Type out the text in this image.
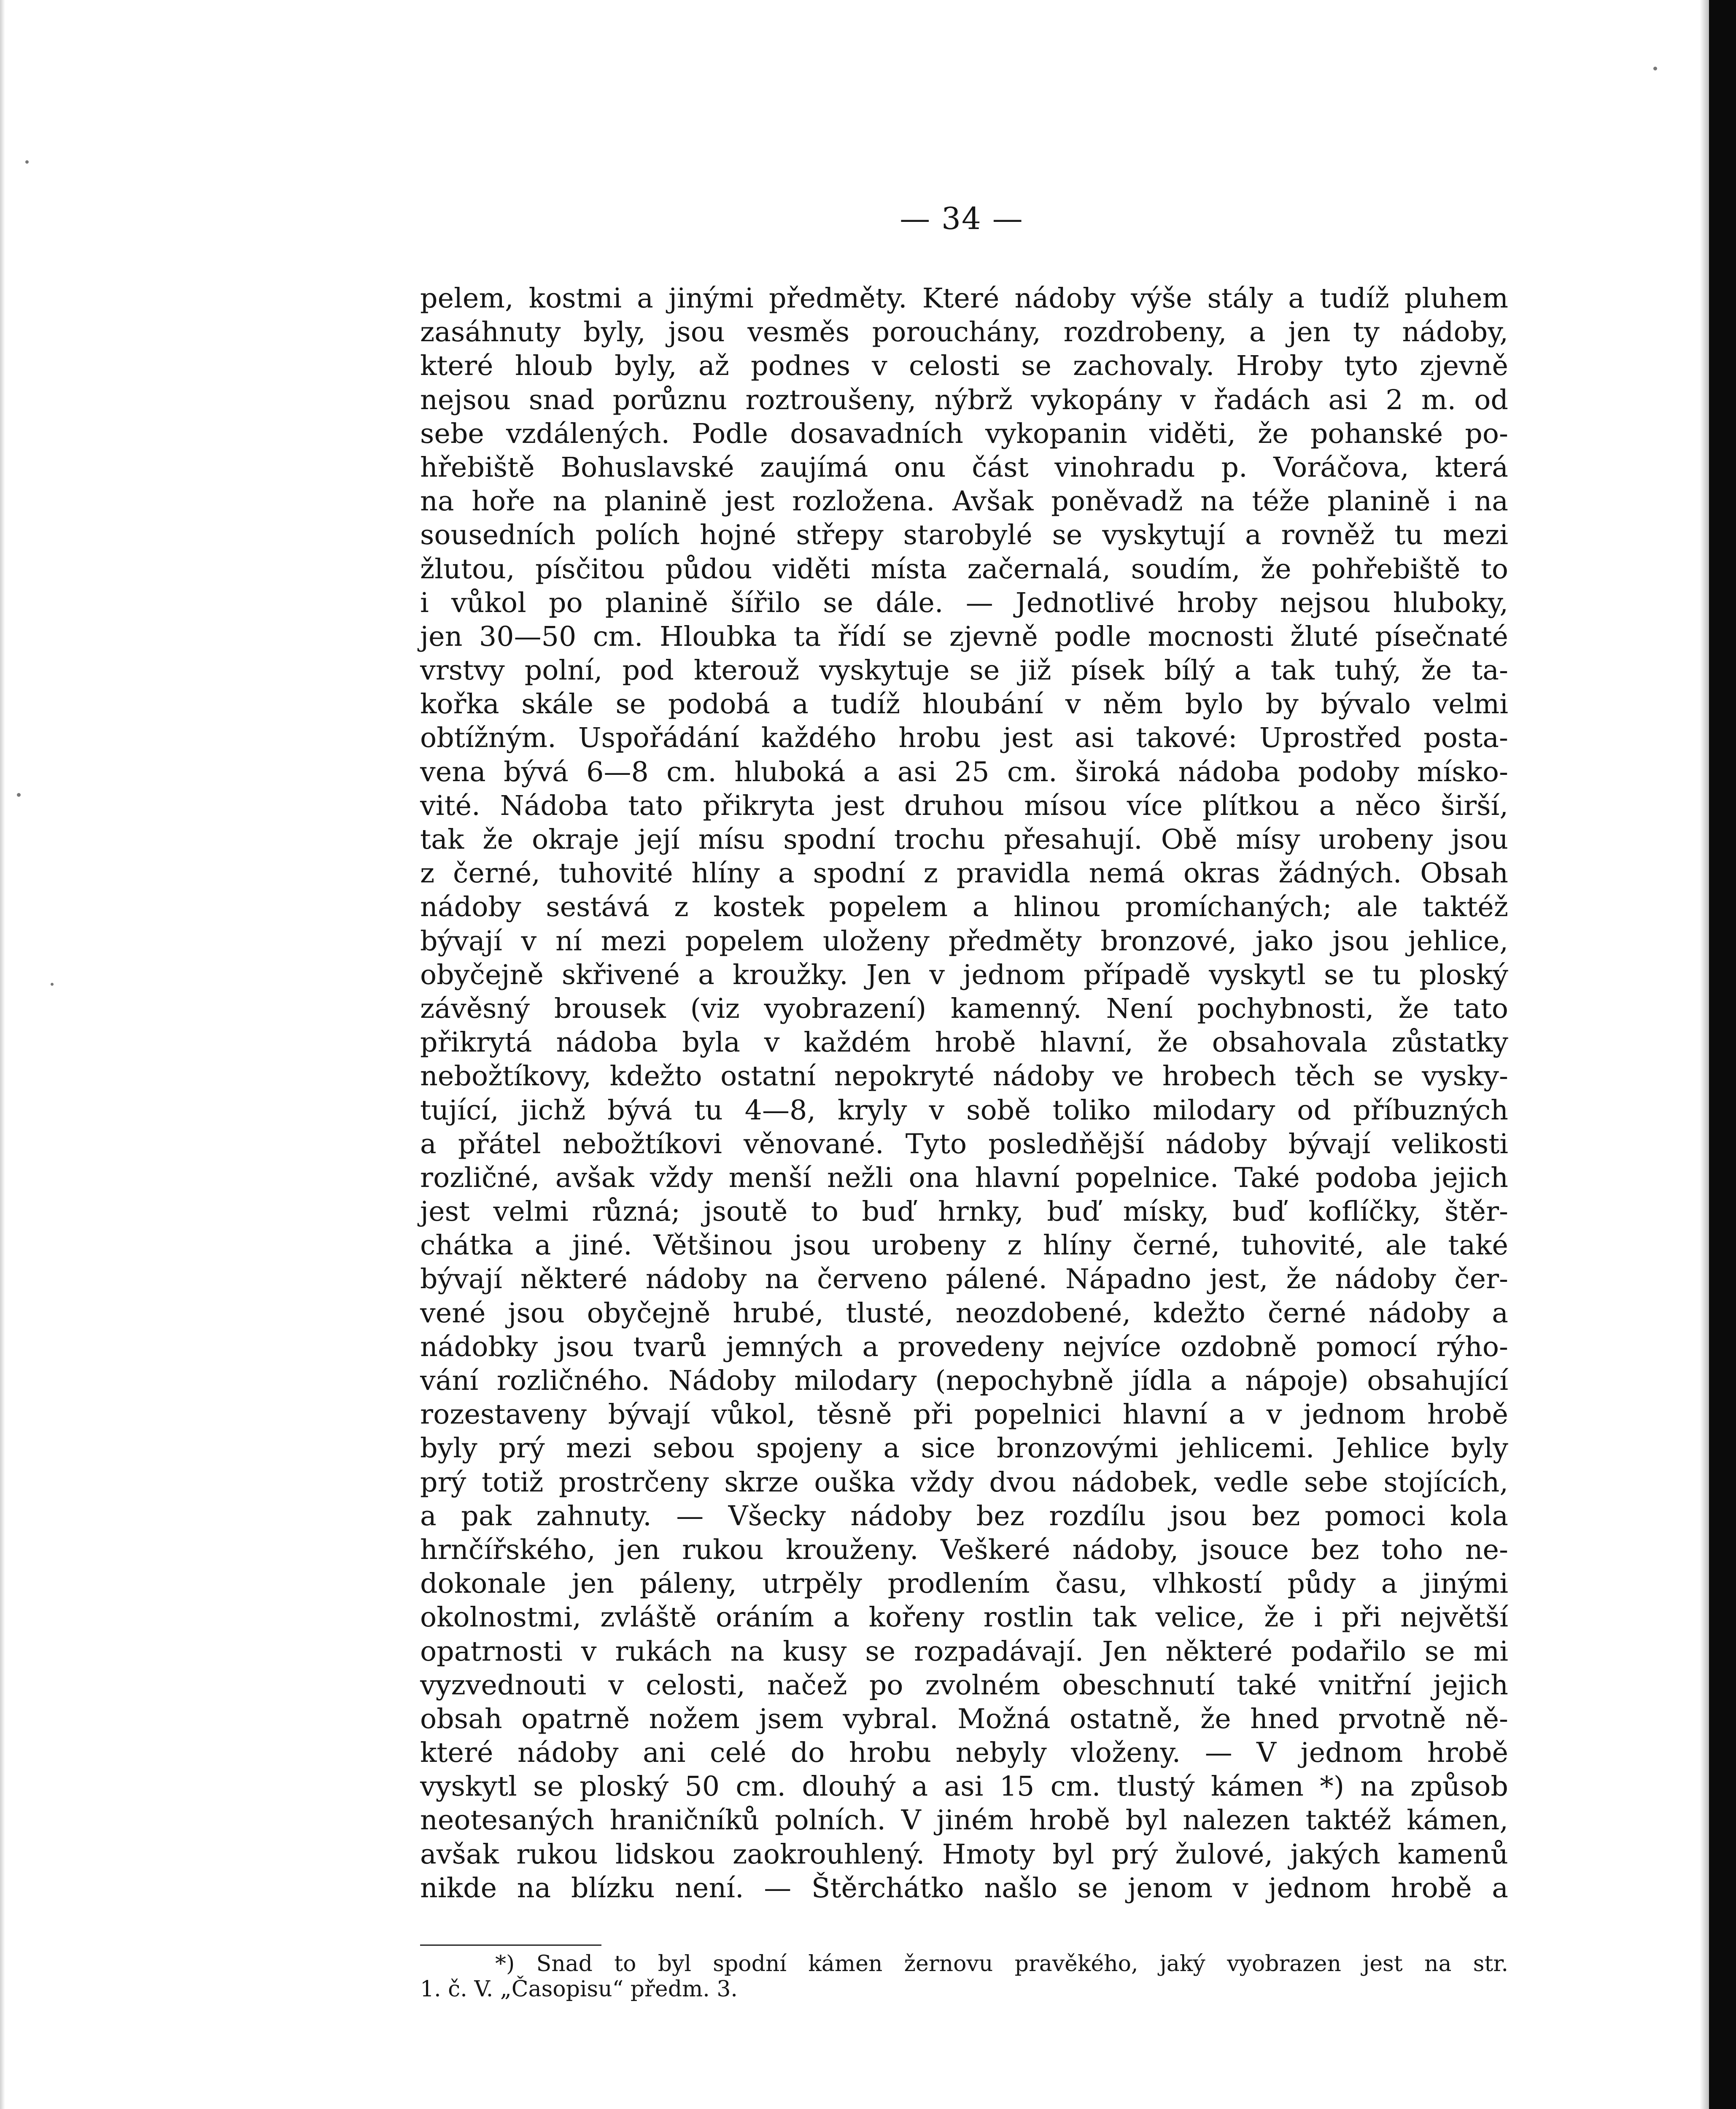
— 34 —
pelem, kostmi a jinými předměty. Které nádoby výše stály a tudíž pluhem
zasáhnuty byly, jsou vesměs porouchány, rozdrobeny, a jen ty nádoby,
které hloub byly, až podnes v celosti se zachovaly. Hroby tyto zjevně
nejsou snad porůznu roztroušeny, nýbrž vykopány v řadách asi 2 m. od
sebe vzdálených. Podle dosavadních vykopanin viděti, že pohanské po-
hřebiště Bohuslavské zaujímá onu část vinohradu p. Voráčova, která
na hoře na planině jest rozložena. Avšak poněvadž na téže planině i na
sousedních polích hojné střepy starobylé se vyskytují a rovněž tu mezi
žlutou, písčitou půdou viděti místa začernalá, soudím, že pohřebiště to
i vůkol po planině šířilo se dále. — Jednotlivé hroby nejsou hluboky,
jen 30—50 cm. Hloubka ta řídí se zjevně podle mocnosti žluté písečnaté
vrstvy polní, pod kterouž vyskytuje se již písek bílý a tak tuhý, že ta-
kořka skále se podobá a tudíž hloubání v něm bylo by bývalo velmi
obtížným. Uspořádání každého hrobu jest asi takové: Uprostřed posta-
vena bývá 6—8 cm. hluboká a asi 25 cm. široká nádoba podoby mísko-
vité. Nádoba tato přikryta jest druhou mísou více plítkou a něco širší,
tak že okraje její mísu spodní trochu přesahují. Obě mísy urobeny jsou
z černé, tuhovité hlíny a spodní z pravidla nemá okras žádných. Obsah
nádoby sestává z kostek popelem a hlinou promíchaných; ale taktéž
bývají v ní mezi popelem uloženy předměty bronzové, jako jsou jehlice,
obyčejně skřivené a kroužky. Jen v jednom případě vyskytl se tu ploský
závěsný brousek (viz vyobrazení) kamenný. Není pochybnosti, že tato
přikrytá nádoba byla v každém hrobě hlavní, že obsahovala zůstatky
nebožtíkovy, kdežto ostatní nepokryté nádoby ve hrobech těch se vysky-
tující, jichž bývá tu 4—8, kryly v sobě toliko milodary od příbuzných
a přátel nebožtíkovi věnované. Tyto posledňější nádoby bývají velikosti
rozličné, avšak vždy menší nežli ona hlavní popelnice. Také podoba jejich
jest velmi různá; jsoutě to buď hrnky, buď mísky, buď koflíčky, štěr-
chátka a jiné. Většinou jsou urobeny z hlíny černé, tuhovité, ale také
bývají některé nádoby na červeno pálené. Nápadno jest, že nádoby čer-
vené jsou obyčejně hrubé, tlusté, neozdobené, kdežto černé nádoby a
nádobky jsou tvarů jemných a provedeny nejvíce ozdobně pomocí rýho-
vání rozličného. Nádoby milodary (nepochybně jídla a nápoje) obsahující
rozestaveny bývají vůkol, těsně při popelnici hlavní a v jednom hrobě
byly prý mezi sebou spojeny a sice bronzovými jehlicemi. Jehlice byly
prý totiž prostrčeny skrze ouška vždy dvou nádobek, vedle sebe stojících,
a pak zahnuty. — Všecky nádoby bez rozdílu jsou bez pomoci kola
hrnčířského, jen rukou krouženy. Veškeré nádoby, jsouce bez toho ne-
dokonale jen páleny, utrpěly prodlením času, vlhkostí půdy a jinými
okolnostmi, zvláště oráním a kořeny rostlin tak velice, že i při největší
opatrnosti v rukách na kusy se rozpadávají. Jen některé podařilo se mi
vyzvednouti v celosti, načež po zvolném obeschnutí také vnitřní jejich
obsah opatrně nožem jsem vybral. Možná ostatně, že hned prvotně ně-
které nádoby ani celé do hrobu nebyly vloženy. — V jednom hrobě
vyskytl se ploský 50 cm. dlouhý a asi 15 cm. tlustý kámen *) na způsob
neotesaných hraničníků polních. V jiném hrobě byl nalezen taktéž kámen,
avšak rukou lidskou zaokrouhlený. Hmoty byl prý žulové, jakých kamenů
nikde na blízku není. — Štěrchátko našlo se jenom v jednom hrobě a
*) Snad to byl spodní kámen žernovu pravěkého, jaký vyobrazen jest na str.
1. č. V. „Časopisu“ předm. 3.
